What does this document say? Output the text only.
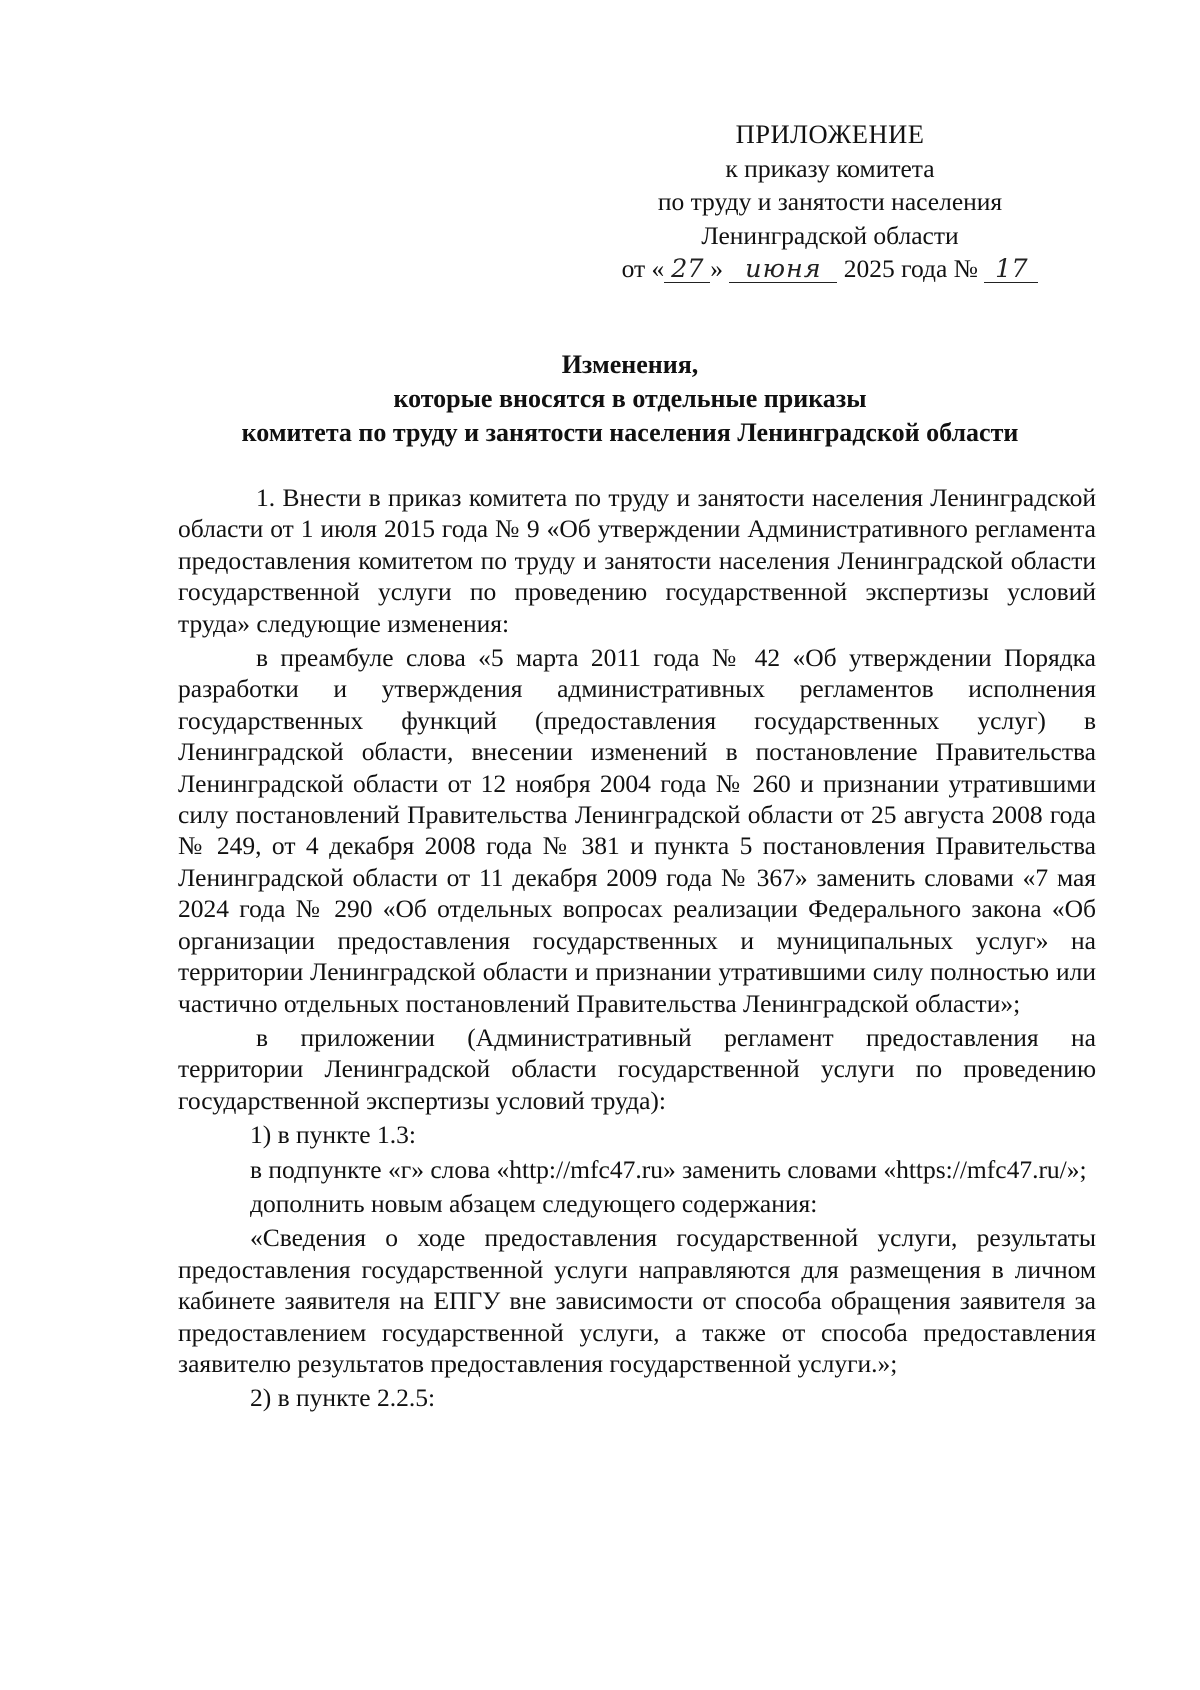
ПРИЛОЖЕНИЕ
к приказу комитета
по труду и занятости населения
Ленинградской области
от « 27 » июня 2025 года № 17
Изменения,
которые вносятся в отдельные приказы
комитета по труду и занятости населения Ленинградской области

1. Внести в приказ комитета по труду и занятости населения Ленинградской области от 1 июля 2015 года № 9 «Об утверждении Административного регламента предоставления комитетом по труду и занятости населения Ленинградской области государственной услуги по проведению государственной экспертизы условий труда» следующие изменения:

в преамбуле слова «5 марта 2011 года № 42 «Об утверждении Порядка разработки и утверждения административных регламентов исполнения государственных функций (предоставления государственных услуг) в Ленинградской области, внесении изменений в постановление Правительства Ленинградской области от 12 ноября 2004 года № 260 и признании утратившими силу постановлений Правительства Ленинградской области от 25 августа 2008 года № 249, от 4 декабря 2008 года № 381 и пункта 5 постановления Правительства Ленинградской области от 11 декабря 2009 года № 367» заменить словами «7 мая 2024 года № 290 «Об отдельных вопросах реализации Федерального закона «Об организации предоставления государственных и муниципальных услуг» на территории Ленинградской области и признании утратившими силу полностью или частично отдельных постановлений Правительства Ленинградской области»;

в приложении (Административный регламент предоставления на территории Ленинградской области государственной услуги по проведению государственной экспертизы условий труда):

1) в пункте 1.3:

в подпункте «г» слова «http://mfc47.ru» заменить словами «https://mfc47.ru/»;

дополнить новым абзацем следующего содержания:

«Сведения о ходе предоставления государственной услуги, результаты предоставления государственной услуги направляются для размещения в личном кабинете заявителя на ЕПГУ вне зависимости от способа обращения заявителя за предоставлением государственной услуги, а также от способа предоставления заявителю результатов предоставления государственной услуги.»;

2) в пункте 2.2.5:
